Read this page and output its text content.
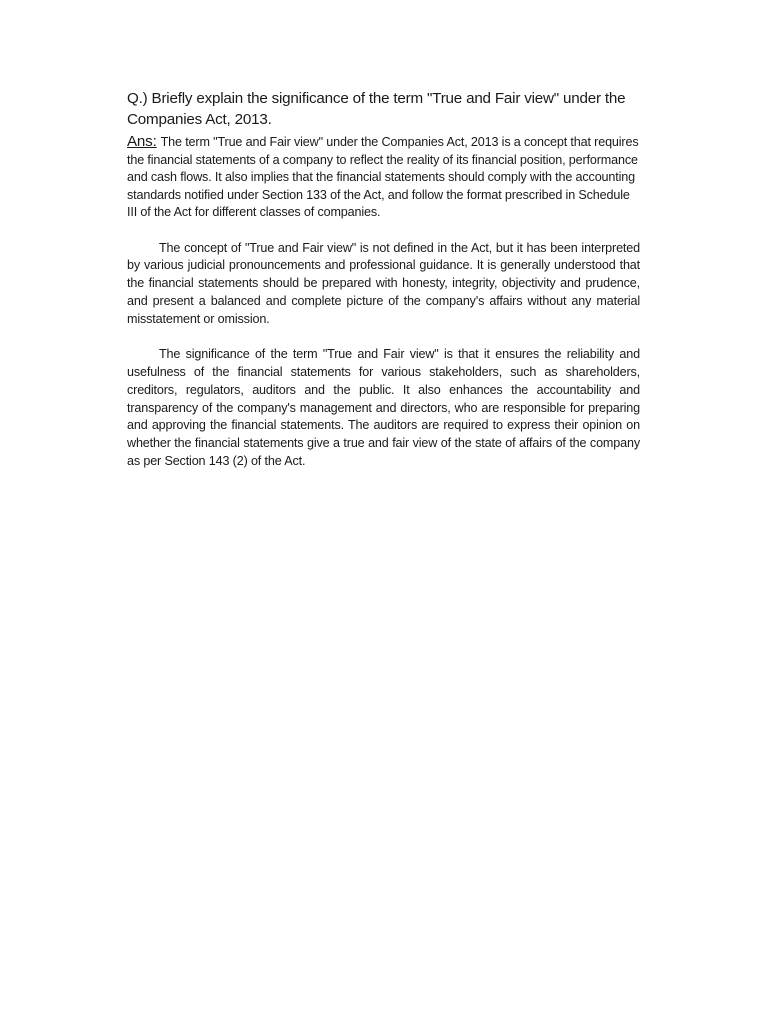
Q.) Briefly explain the significance of the term "True and Fair view" under the Companies Act, 2013.

Ans: The term "True and Fair view" under the Companies Act, 2013 is a concept that requires the financial statements of a company to reflect the reality of its financial position, performance and cash flows. It also implies that the financial statements should comply with the accounting standards notified under Section 133 of the Act, and follow the format prescribed in Schedule III of the Act for different classes of companies.

The concept of "True and Fair view" is not defined in the Act, but it has been interpreted by various judicial pronouncements and professional guidance. It is generally understood that the financial statements should be prepared with honesty, integrity, objectivity and prudence, and present a balanced and complete picture of the company's affairs without any material misstatement or omission.

The significance of the term "True and Fair view" is that it ensures the reliability and usefulness of the financial statements for various stakeholders, such as shareholders, creditors, regulators, auditors and the public. It also enhances the accountability and transparency of the company's management and directors, who are responsible for preparing and approving the financial statements. The auditors are required to express their opinion on whether the financial statements give a true and fair view of the state of affairs of the company as per Section 143 (2) of the Act.
